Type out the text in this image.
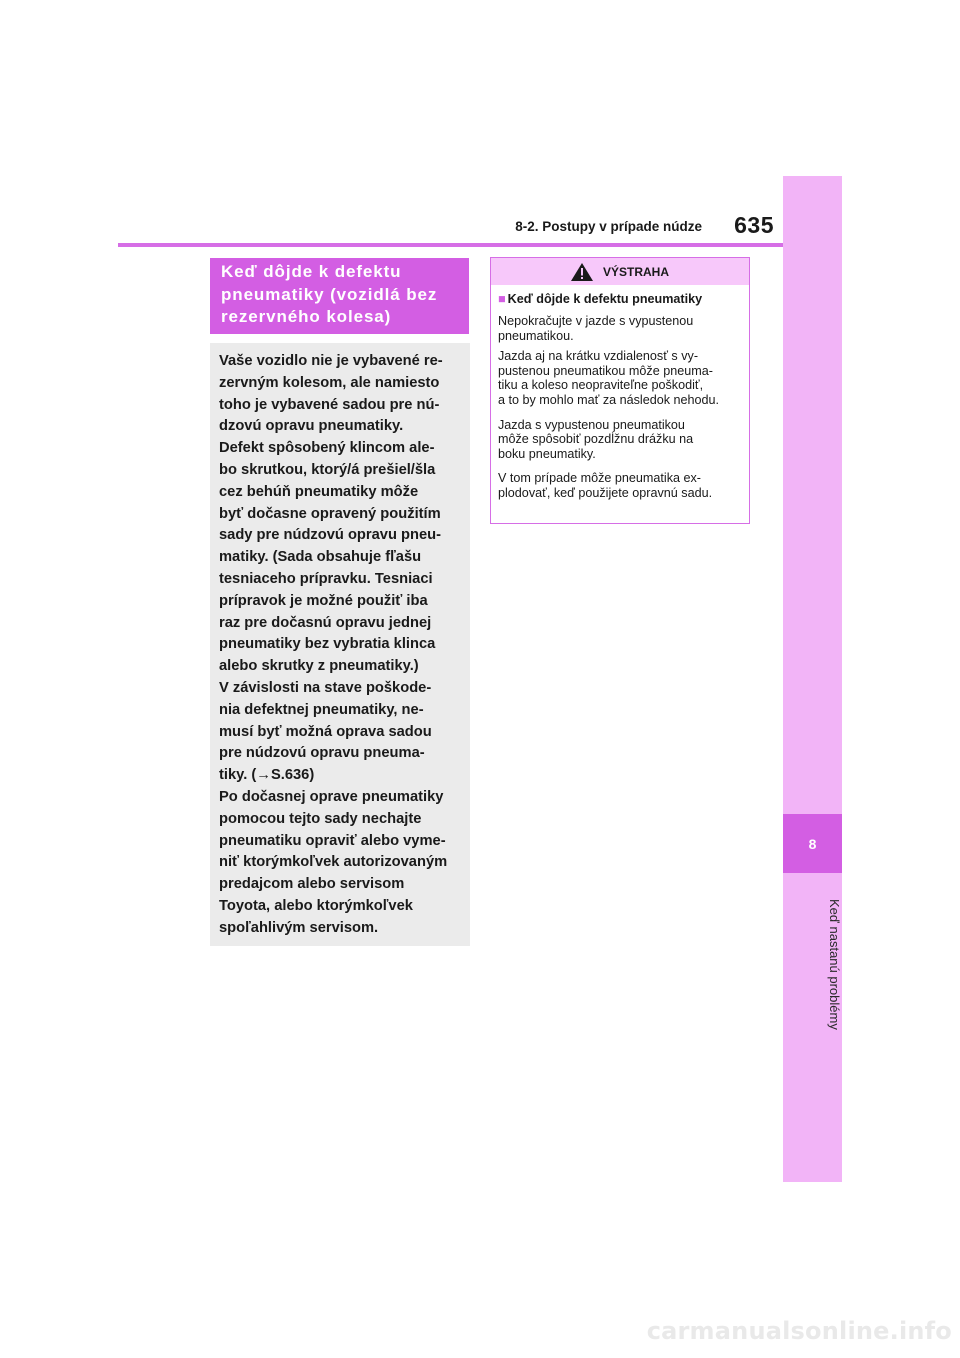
8-2. Postupy v prípade núdze	635
8
Keď nastanú problémy
Keď dôjde k defektu
pneumatiky (vozidlá bez
rezervného kolesa)
Vaše vozidlo nie je vybavené re-
zervným kolesom, ale namiesto
toho je vybavené sadou pre nú-
dzovú opravu pneumatiky.
Defekt spôsobený klincom ale-
bo skrutkou, ktorý/á prešiel/šla
cez behúň pneumatiky môže
byť dočasne opravený použitím
sady pre núdzovú opravu pneu-
matiky. (Sada obsahuje fľašu
tesniaceho prípravku. Tesniaci
prípravok je možné použiť iba
raz pre dočasnú opravu jednej
pneumatiky bez vybratia klinca
alebo skrutky z pneumatiky.)
V závislosti na stave poškode-
nia defektnej pneumatiky, ne-
musí byť možná oprava sadou
pre núdzovú opravu pneuma-
tiky. (→S.636)
Po dočasnej oprave pneumatiky
pomocou tejto sady nechajte
pneumatiku opraviť alebo vyme-
niť ktorýmkoľvek autorizovaným
predajcom alebo servisom
Toyota, alebo ktorýmkoľvek
spoľahlivým servisom.
VÝSTRAHA
■ Keď dôjde k defektu pneumatiky
Nepokračujte v jazde s vypustenou
pneumatikou.
Jazda aj na krátku vzdialenosť s vy-
pustenou pneumatikou môže pneuma-
tiku a koleso neopraviteľne poškodiť,
a to by mohlo mať za následok nehodu.
Jazda s vypustenou pneumatikou
môže spôsobiť pozdĺžnu drážku na
boku pneumatiky.
V tom prípade môže pneumatika ex-
plodovať, keď použijete opravnú sadu.
carmanualsonline.info
